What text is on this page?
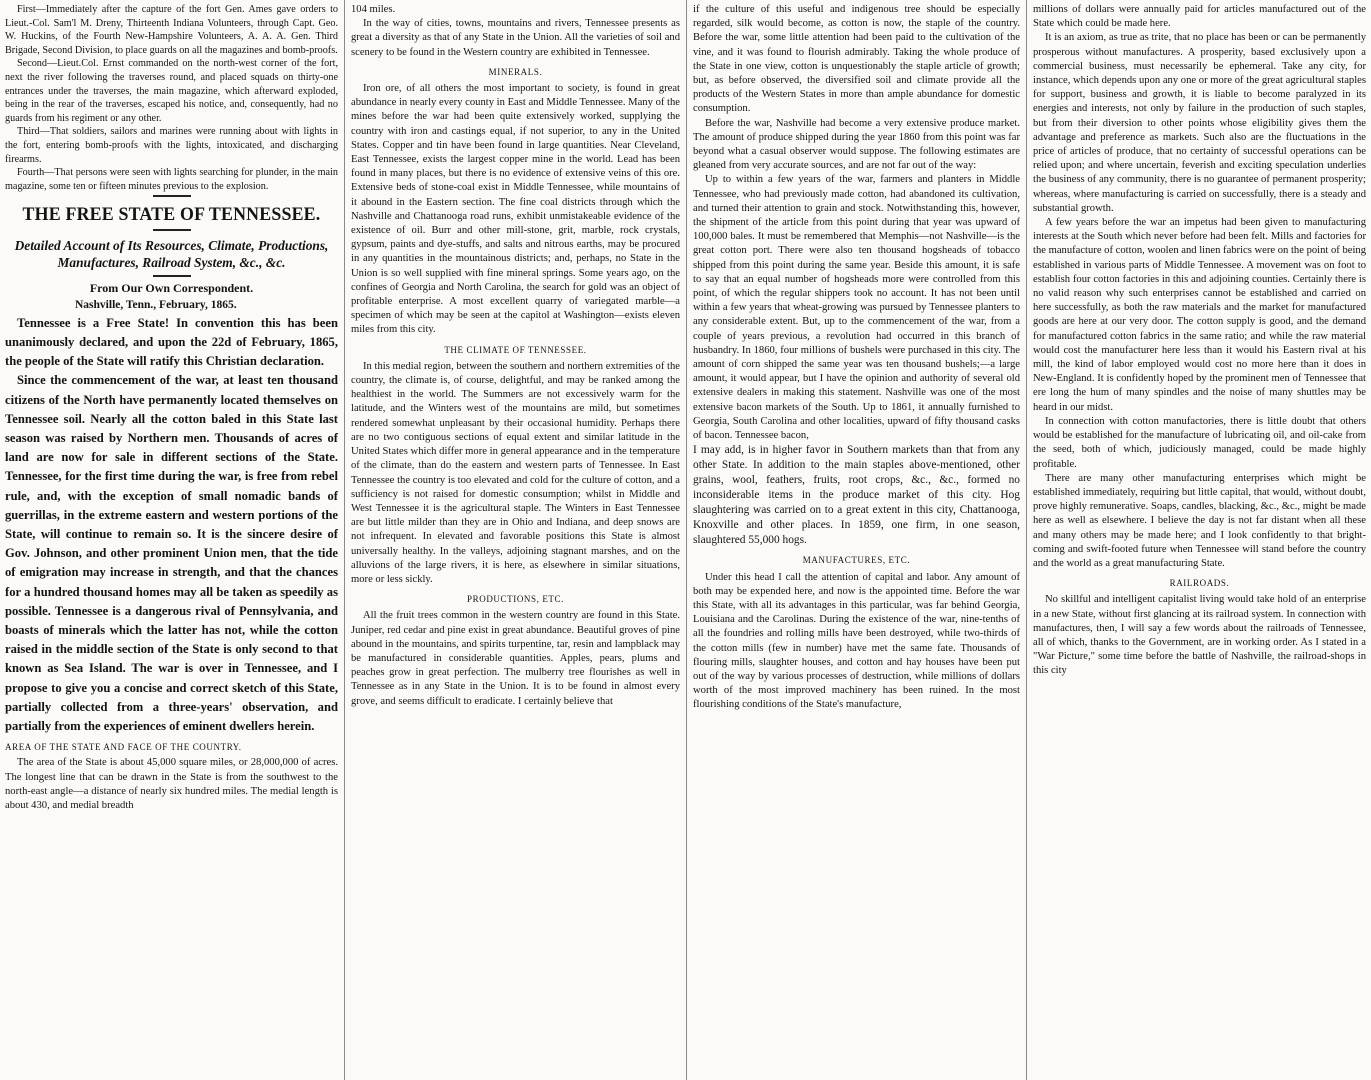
First—Immediately after the capture of the fort Gen. Ames gave orders to Lieut.-Col. Sam'l M. Dreny, Thirteenth Indiana Volunteers, through Capt. Geo. W. Huckins, of the Fourth New-Hampshire Volunteers, A. A. A. Gen. Third Brigade, Second Division, to place guards on all the magazines and bomb-proofs.

Second—Lieut.Col. Ernst commanded on the north-west corner of the fort, next the river following the traverses round, and placed squads on thirty-one entrances under the traverses, the main magazine, which afterward exploded, being in the rear of the traverses, escaped his notice, and, consequently, had no guards from his regiment or any other.

Third—That soldiers, sailors and marines were running about with lights in the fort, entering bomb-proofs with the lights, intoxicated, and discharging firearms.

Fourth—That persons were seen with lights searching for plunder, in the main magazine, some ten or fifteen minutes previous to the explosion.

THE FREE STATE OF TENNESSEE.
Detailed Account of Its Resources, Climate, Productions, Manufactures, Railroad System, &c., &c.
From Our Own Correspondent.
Nashville, Tenn., February, 1865.

Tennessee is a Free State! In convention this has been unanimously declared, and upon the 22d of February, 1865, the people of the State will ratify this Christian declaration.

Since the commencement of the war, at least ten thousand citizens of the North have permanently located themselves on Tennessee soil. Nearly all the cotton baled in this State last season was raised by Northern men. Thousands of acres of land are now for sale in different sections of the State. Tennessee, for the first time during the war, is free from rebel rule, and, with the exception of small nomadic bands of guerrillas, in the extreme eastern and western portions of the State, will continue to remain so. It is the sincere desire of Gov. Johnson, and other prominent Union men, that the tide of emigration may increase in strength, and that the chances for a hundred thousand homes may all be taken as speedily as possible. Tennessee is a dangerous rival of Pennsylvania, and boasts of minerals which the latter has not, while the cotton raised in the middle section of the State is only second to that known as Sea Island. The war is over in Tennessee, and I propose to give you a concise and correct sketch of this State, partially collected from a three-years' observation, and partially from the experiences of eminent dwellers herein.

AREA OF THE STATE AND FACE OF THE COUNTRY.

The area of the State is about 45,000 square miles, or 28,000,000 of acres. The longest line that can be drawn in the State is from the southwest to the north-east angle—a distance of nearly six hundred miles. The medial length is about 430, and medial breadth

104 miles.

In the way of cities, towns, mountains and rivers, Tennessee presents as great a diversity as that of any State in the Union. All the varieties of soil and scenery to be found in the Western country are exhibited in Tennessee.

MINERALS.

Iron ore, of all others the most important to society, is found in great abundance in nearly every county in East and Middle Tennessee. Many of the mines before the war had been quite extensively worked, supplying the country with iron and castings equal, if not superior, to any in the United States. Copper and tin have been found in large quantities. Near Cleveland, East Tennessee, exists the largest copper mine in the world. Lead has been found in many places, but there is no evidence of extensive veins of this ore. Extensive beds of stone-coal exist in Middle Tennessee, while mountains of it abound in the Eastern section. The fine coal districts through which the Nashville and Chattanooga road runs, exhibit unmistakeable evidence of the existence of oil. Burr and other mill-stone, grit, marble, rock crystals, gypsum, paints and dye-stuffs, and salts and nitrous earths, may be procured in any quantities in the mountainous districts; and, perhaps, no State in the Union is so well supplied with fine mineral springs. Some years ago, on the confines of Georgia and North Carolina, the search for gold was an object of profitable enterprise. A most excellent quarry of variegated marble—a specimen of which may be seen at the capitol at Washington—exists eleven miles from this city.

THE CLIMATE OF TENNESSEE.

In this medial region, between the southern and northern extremities of the country, the climate is, of course, delightful, and may be ranked among the healthiest in the world. The Summers are not excessively warm for the latitude, and the Winters west of the mountains are mild, but sometimes rendered somewhat unpleasant by their occasional humidity. Perhaps there are no two contiguous sections of equal extent and similar latitude in the United States which differ more in general appearance and in the temperature of the climate, than do the eastern and western parts of Tennessee. In East Tennessee the country is too elevated and cold for the culture of cotton, and a sufficiency is not raised for domestic consumption; whilst in Middle and West Tennessee it is the agricultural staple. The Winters in East Tennessee are but little milder than they are in Ohio and Indiana, and deep snows are not infrequent. In elevated and favorable positions this State is almost universally healthy. In the valleys, adjoining stagnant marshes, and on the alluvions of the large rivers, it is here, as elsewhere in similar situations, more or less sickly.

PRODUCTIONS, ETC.

All the fruit trees common in the western country are found in this State. Juniper, red cedar and pine exist in great abundance. Beautiful groves of pine abound in the mountains, and spirits turpentine, tar, resin and lampblack may be manufactured in considerable quantities. Apples, pears, plums and peaches grow in great perfection. The mulberry tree flourishes as well in Tennessee as in any State in the Union. It is to be found in almost every grove, and seems difficult to eradicate. I certainly believe that

if the culture of this useful and indigenous tree should be especially regarded, silk would become, as cotton is now, the staple of the country. Before the war, some little attention had been paid to the cultivation of the vine, and it was found to flourish admirably. Taking the whole produce of the State in one view, cotton is unquestionably the staple article of growth; but, as before observed, the diversified soil and climate provide all the products of the Western States in more than ample abundance for domestic consumption.

Before the war, Nashville had become a very extensive produce market. The amount of produce shipped during the year 1860 from this point was far beyond what a casual observer would suppose. The following estimates are gleaned from very accurate sources, and are not far out of the way:

Up to within a few years of the war, farmers and planters in Middle Tennessee, who had previously made cotton, had abandoned its cultivation, and turned their attention to grain and stock. Notwithstanding this, however, the shipment of the article from this point during that year was upward of 100,000 bales. It must be remembered that Memphis—not Nashville—is the great cotton port. There were also ten thousand hogsheads of tobacco shipped from this point during the same year. Beside this amount, it is safe to say that an equal number of hogsheads more were controlled from this point, of which the regular shippers took no account. It has not been until within a few years that wheat-growing was pursued by Tennessee planters to any considerable extent. But, up to the commencement of the war, from a couple of years previous, a revolution had occurred in this branch of husbandry. In 1860, four millions of bushels were purchased in this city. The amount of corn shipped the same year was ten thousand bushels;—a large amount, it would appear, but I have the opinion and authority of several old extensive dealers in making this statement. Nashville was one of the most extensive bacon markets of the South. Up to 1861, it annually furnished to Georgia, South Carolina and other localities, upward of fifty thousand casks of bacon. Tennessee bacon,

I may add, is in higher favor in Southern markets than that from any other State. In addition to the main staples above-mentioned, other grains, wool, feathers, fruits, root crops, &c., &c., formed no inconsiderable items in the produce market of this city. Hog slaughtering was carried on to a great extent in this city, Chattanooga, Knoxville and other places. In 1859, one firm, in one season, slaughtered 55,000 hogs.

MANUFACTURES, ETC.

Under this head I call the attention of capital and labor. Any amount of both may be expended here, and now is the appointed time. Before the war this State, with all its advantages in this particular, was far behind Georgia, Louisiana and the Carolinas. During the existence of the war, nine-tenths of all the foundries and rolling mills have been destroyed, while two-thirds of the cotton mills (few in number) have met the same fate. Thousands of flouring mills, slaughter houses, and cotton and hay houses have been put out of the way by various processes of destruction, while millions of dollars worth of the most improved machinery has been ruined. In the most flourishing conditions of the State's manufacture,

millions of dollars were annually paid for articles manufactured out of the State which could be made here.

It is an axiom, as true as trite, that no place has been or can be permanently prosperous without manufactures. A prosperity, based exclusively upon a commercial business, must necessarily be ephemeral. Take any city, for instance, which depends upon any one or more of the great agricultural staples for support, business and growth, it is liable to become paralyzed in its energies and interests, not only by failure in the production of such staples, but from their diversion to other points whose eligibility gives them the advantage and preference as markets. Such also are the fluctuations in the price of articles of produce, that no certainty of successful operations can be relied upon; and where uncertain, feverish and exciting speculation underlies the business of any community, there is no guarantee of permanent prosperity; whereas, where manufacturing is carried on successfully, there is a steady and substantial growth.

A few years before the war an impetus had been given to manufacturing interests at the South which never before had been felt. Mills and factories for the manufacture of cotton, woolen and linen fabrics were on the point of being established in various parts of Middle Tennessee. A movement was on foot to establish four cotton factories in this and adjoining counties. Certainly there is no valid reason why such enterprises cannot be established and carried on here successfully, as both the raw materials and the market for manufactured goods are here at our very door. The cotton supply is good, and the demand for manufactured cotton fabrics in the same ratio; and while the raw material would cost the manufacturer here less than it would his Eastern rival at his mill, the kind of labor employed would cost no more here than it does in New-England. It is confidently hoped by the prominent men of Tennessee that ere long the hum of many spindles and the noise of many shuttles may be heard in our midst.

In connection with cotton manufactories, there is little doubt that others would be established for the manufacture of lubricating oil, and oil-cake from the seed, both of which, judiciously managed, could be made highly profitable.

There are many other manufacturing enterprises which might be established immediately, requiring but little capital, that would, without doubt, prove highly remunerative. Soaps, candles, blacking, &c., &c., might be made here as well as elsewhere. I believe the day is not far distant when all these and many others may be made here; and I look confidently to that bright-coming and swift-footed future when Tennessee will stand before the country and the world as a great manufacturing State.

RAILROADS.

No skillful and intelligent capitalist living would take hold of an enterprise in a new State, without first glancing at its railroad system. In connection with manufactures, then, I will say a few words about the railroads of Tennessee, all of which, thanks to the Government, are in working order. As I stated in a "War Picture," some time before the battle of Nashville, the railroad-shops in this city
